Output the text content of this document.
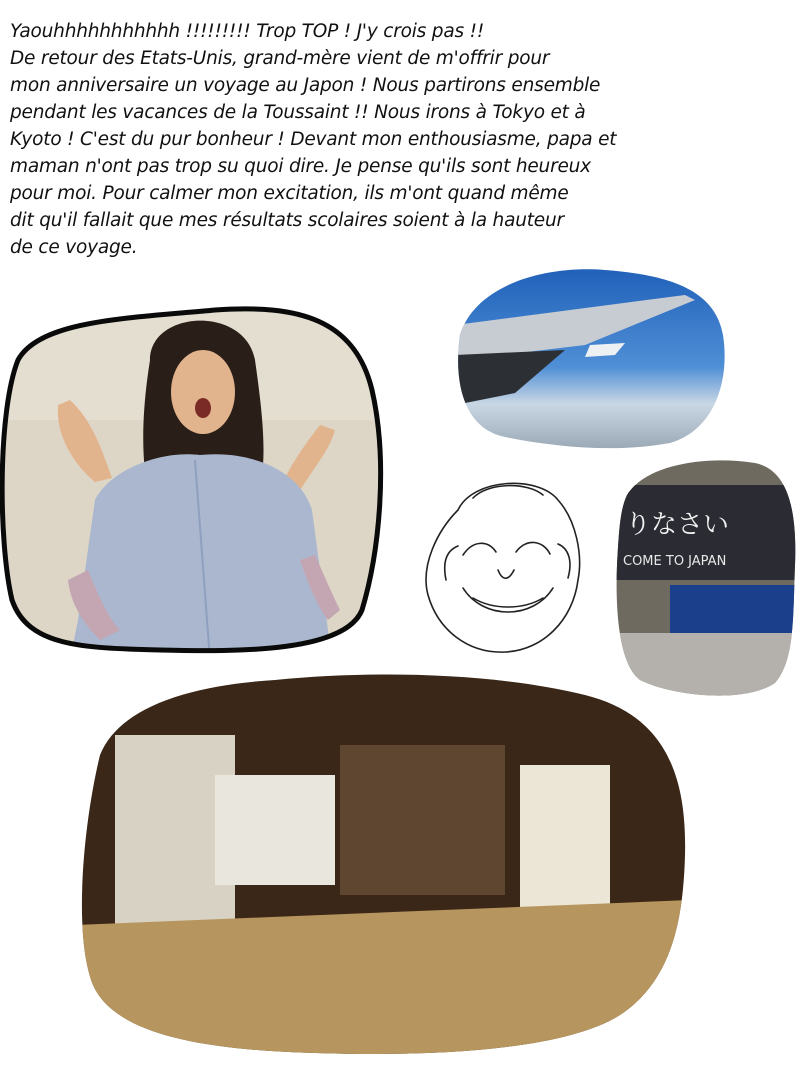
Yaouhhhhhhhhhhh !!!!!!!!! Trop TOP ! J'y crois pas !!
De retour des Etats-Unis, grand-mère vient de m'offrir pour
mon anniversaire un voyage au Japon ! Nous partirons ensemble
pendant les vacances de la Toussaint !! Nous irons à Tokyo et à
Kyoto ! C'est du pur bonheur ! Devant mon enthousiasme, papa et
maman n'ont pas trop su quoi dire. Je pense qu'ils sont heureux
pour moi. Pour calmer mon excitation, ils m'ont quand même
dit qu'il fallait que mes résultats scolaires soient à la hauteur
de ce voyage.
りなさい
COME TO JAPAN
